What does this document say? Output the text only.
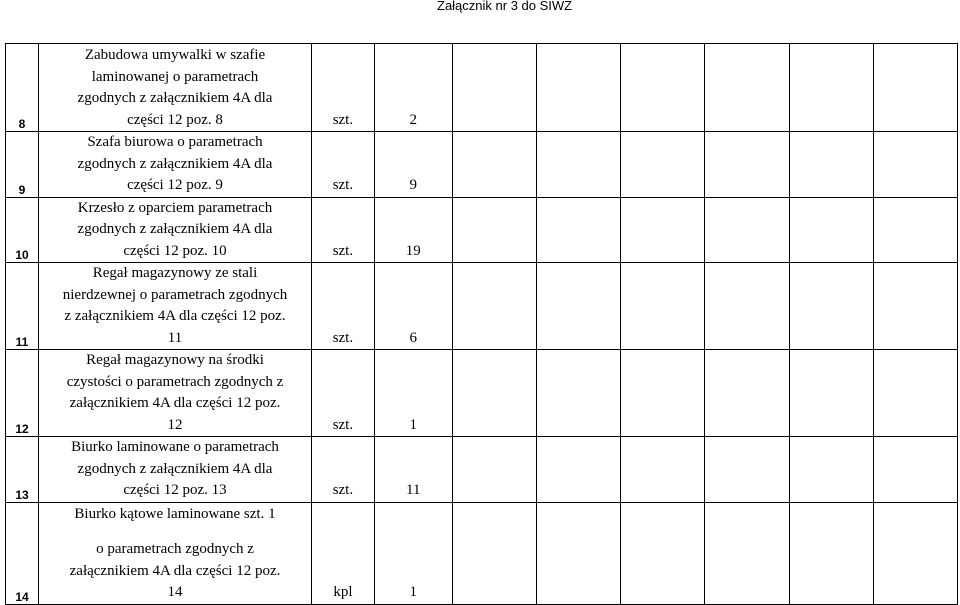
Załącznik nr 3 do SIWZ
8	Zabudowa umywalki w szafie
laminowanej o parametrach
zgodnych z załącznikiem 4A dla
części 12 poz. 8	szt.	2						
9	Szafa biurowa o parametrach
zgodnych z załącznikiem 4A dla
części 12 poz. 9	szt.	9						
10	Krzesło z oparciem parametrach
zgodnych z załącznikiem 4A dla
części 12 poz. 10	szt.	19						
11	Regał magazynowy ze stali
nierdzewnej o parametrach zgodnych
z załącznikiem 4A dla części 12 poz.
11	szt.	6						
12	Regał magazynowy na środki
czystości o parametrach zgodnych z
załącznikiem 4A dla części 12 poz.
12	szt.	1						
13	Biurko laminowane o parametrach
zgodnych z załącznikiem 4A dla
części 12 poz. 13	szt.	11						
14	Biurko kątowe laminowane szt. 1
o parametrach zgodnych z
załącznikiem 4A dla części 12 poz.
14	kpl	1						
